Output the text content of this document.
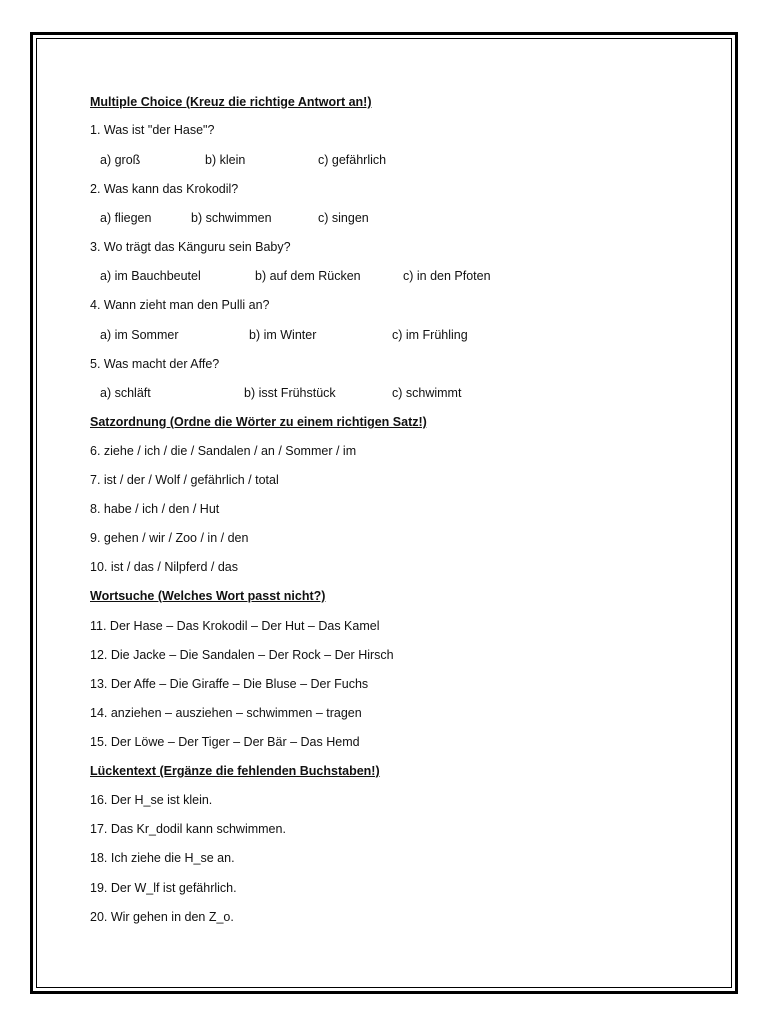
Multiple Choice (Kreuz die richtige Antwort an!)
1. Was ist "der Hase"?
a) groß	b) klein	c) gefährlich
2. Was kann das Krokodil?
a) fliegen	b) schwimmen	c) singen
3. Wo trägt das Känguru sein Baby?
a) im Bauchbeutel	b) auf dem Rücken	c) in den Pfoten
4. Wann zieht man den Pulli an?
a) im Sommer	b) im Winter	c) im Frühling
5. Was macht der Affe?
a) schläft	b) isst Frühstück	c) schwimmt
Satzordnung (Ordne die Wörter zu einem richtigen Satz!)
6. ziehe / ich / die / Sandalen / an / Sommer / im
7. ist / der / Wolf / gefährlich / total
8. habe / ich / den / Hut
9. gehen / wir / Zoo / in / den
10. ist / das / Nilpferd / das
Wortsuche (Welches Wort passt nicht?)
11. Der Hase – Das Krokodil – Der Hut – Das Kamel
12. Die Jacke – Die Sandalen – Der Rock – Der Hirsch
13. Der Affe – Die Giraffe – Die Bluse – Der Fuchs
14. anziehen – ausziehen – schwimmen – tragen
15. Der Löwe – Der Tiger – Der Bär – Das Hemd
Lückentext (Ergänze die fehlenden Buchstaben!)
16. Der H_se ist klein.
17. Das Kr_dodil kann schwimmen.
18. Ich ziehe die H_se an.
19. Der W_lf ist gefährlich.
20. Wir gehen in den Z_o.
